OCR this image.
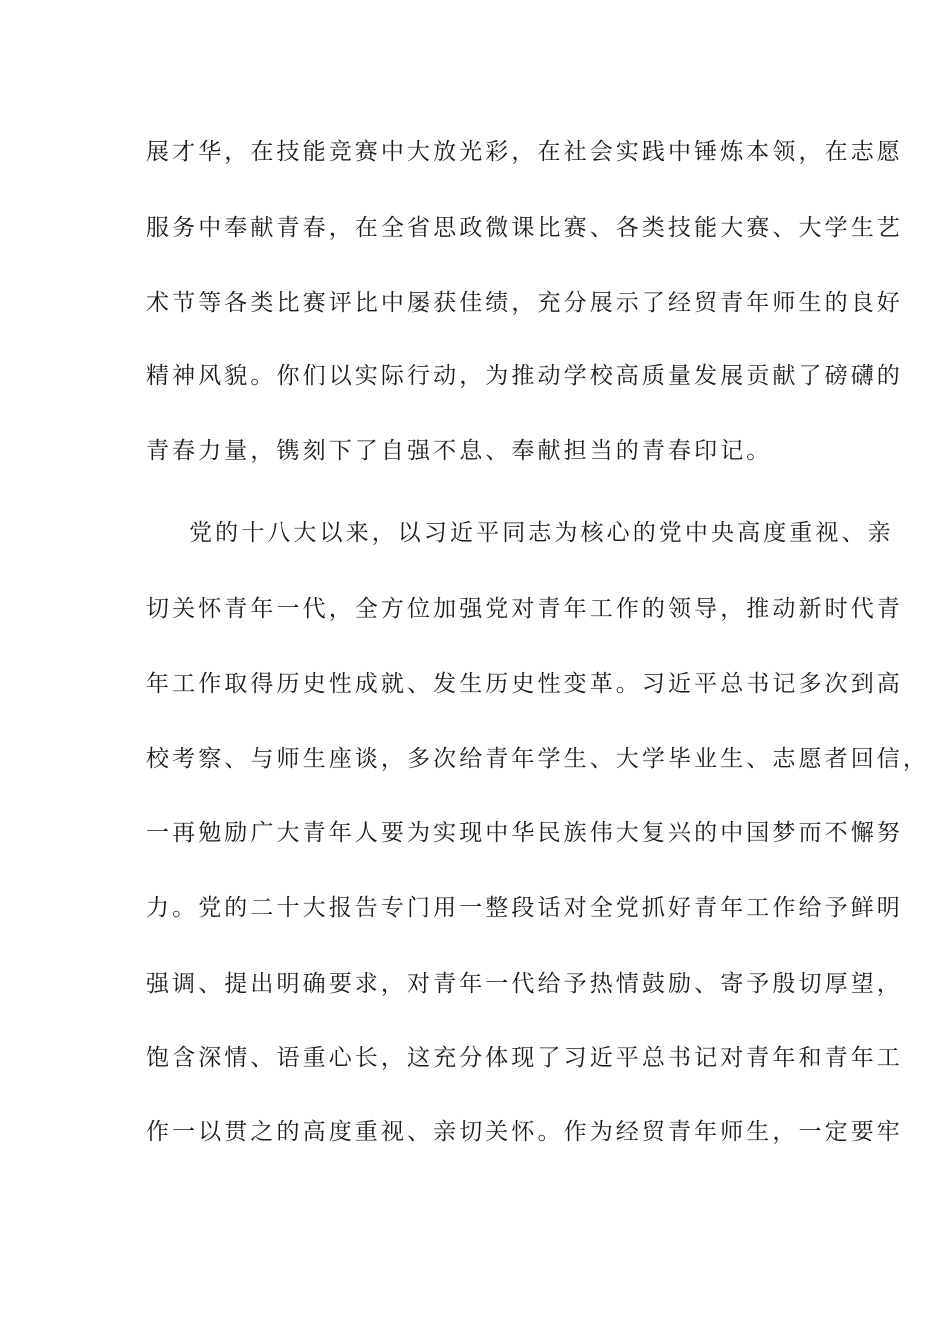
展才华，在技能竞赛中大放光彩，在社会实践中锤炼本领，在志愿
服务中奉献青春，在全省思政微课比赛、各类技能大赛、大学生艺
术节等各类比赛评比中屡获佳绩，充分展示了经贸青年师生的良好
精神风貌。你们以实际行动，为推动学校高质量发展贡献了磅礴的
青春力量，镌刻下了自强不息、奉献担当的青春印记。
党的十八大以来，以习近平同志为核心的党中央高度重视、亲
切关怀青年一代，全方位加强党对青年工作的领导，推动新时代青
年工作取得历史性成就、发生历史性变革。习近平总书记多次到高
校考察、与师生座谈，多次给青年学生、大学毕业生、志愿者回信，
一再勉励广大青年人要为实现中华民族伟大复兴的中国梦而不懈努
力。党的二十大报告专门用一整段话对全党抓好青年工作给予鲜明
强调、提出明确要求，对青年一代给予热情鼓励、寄予殷切厚望，
饱含深情、语重心长，这充分体现了习近平总书记对青年和青年工
作一以贯之的高度重视、亲切关怀。作为经贸青年师生，一定要牢
